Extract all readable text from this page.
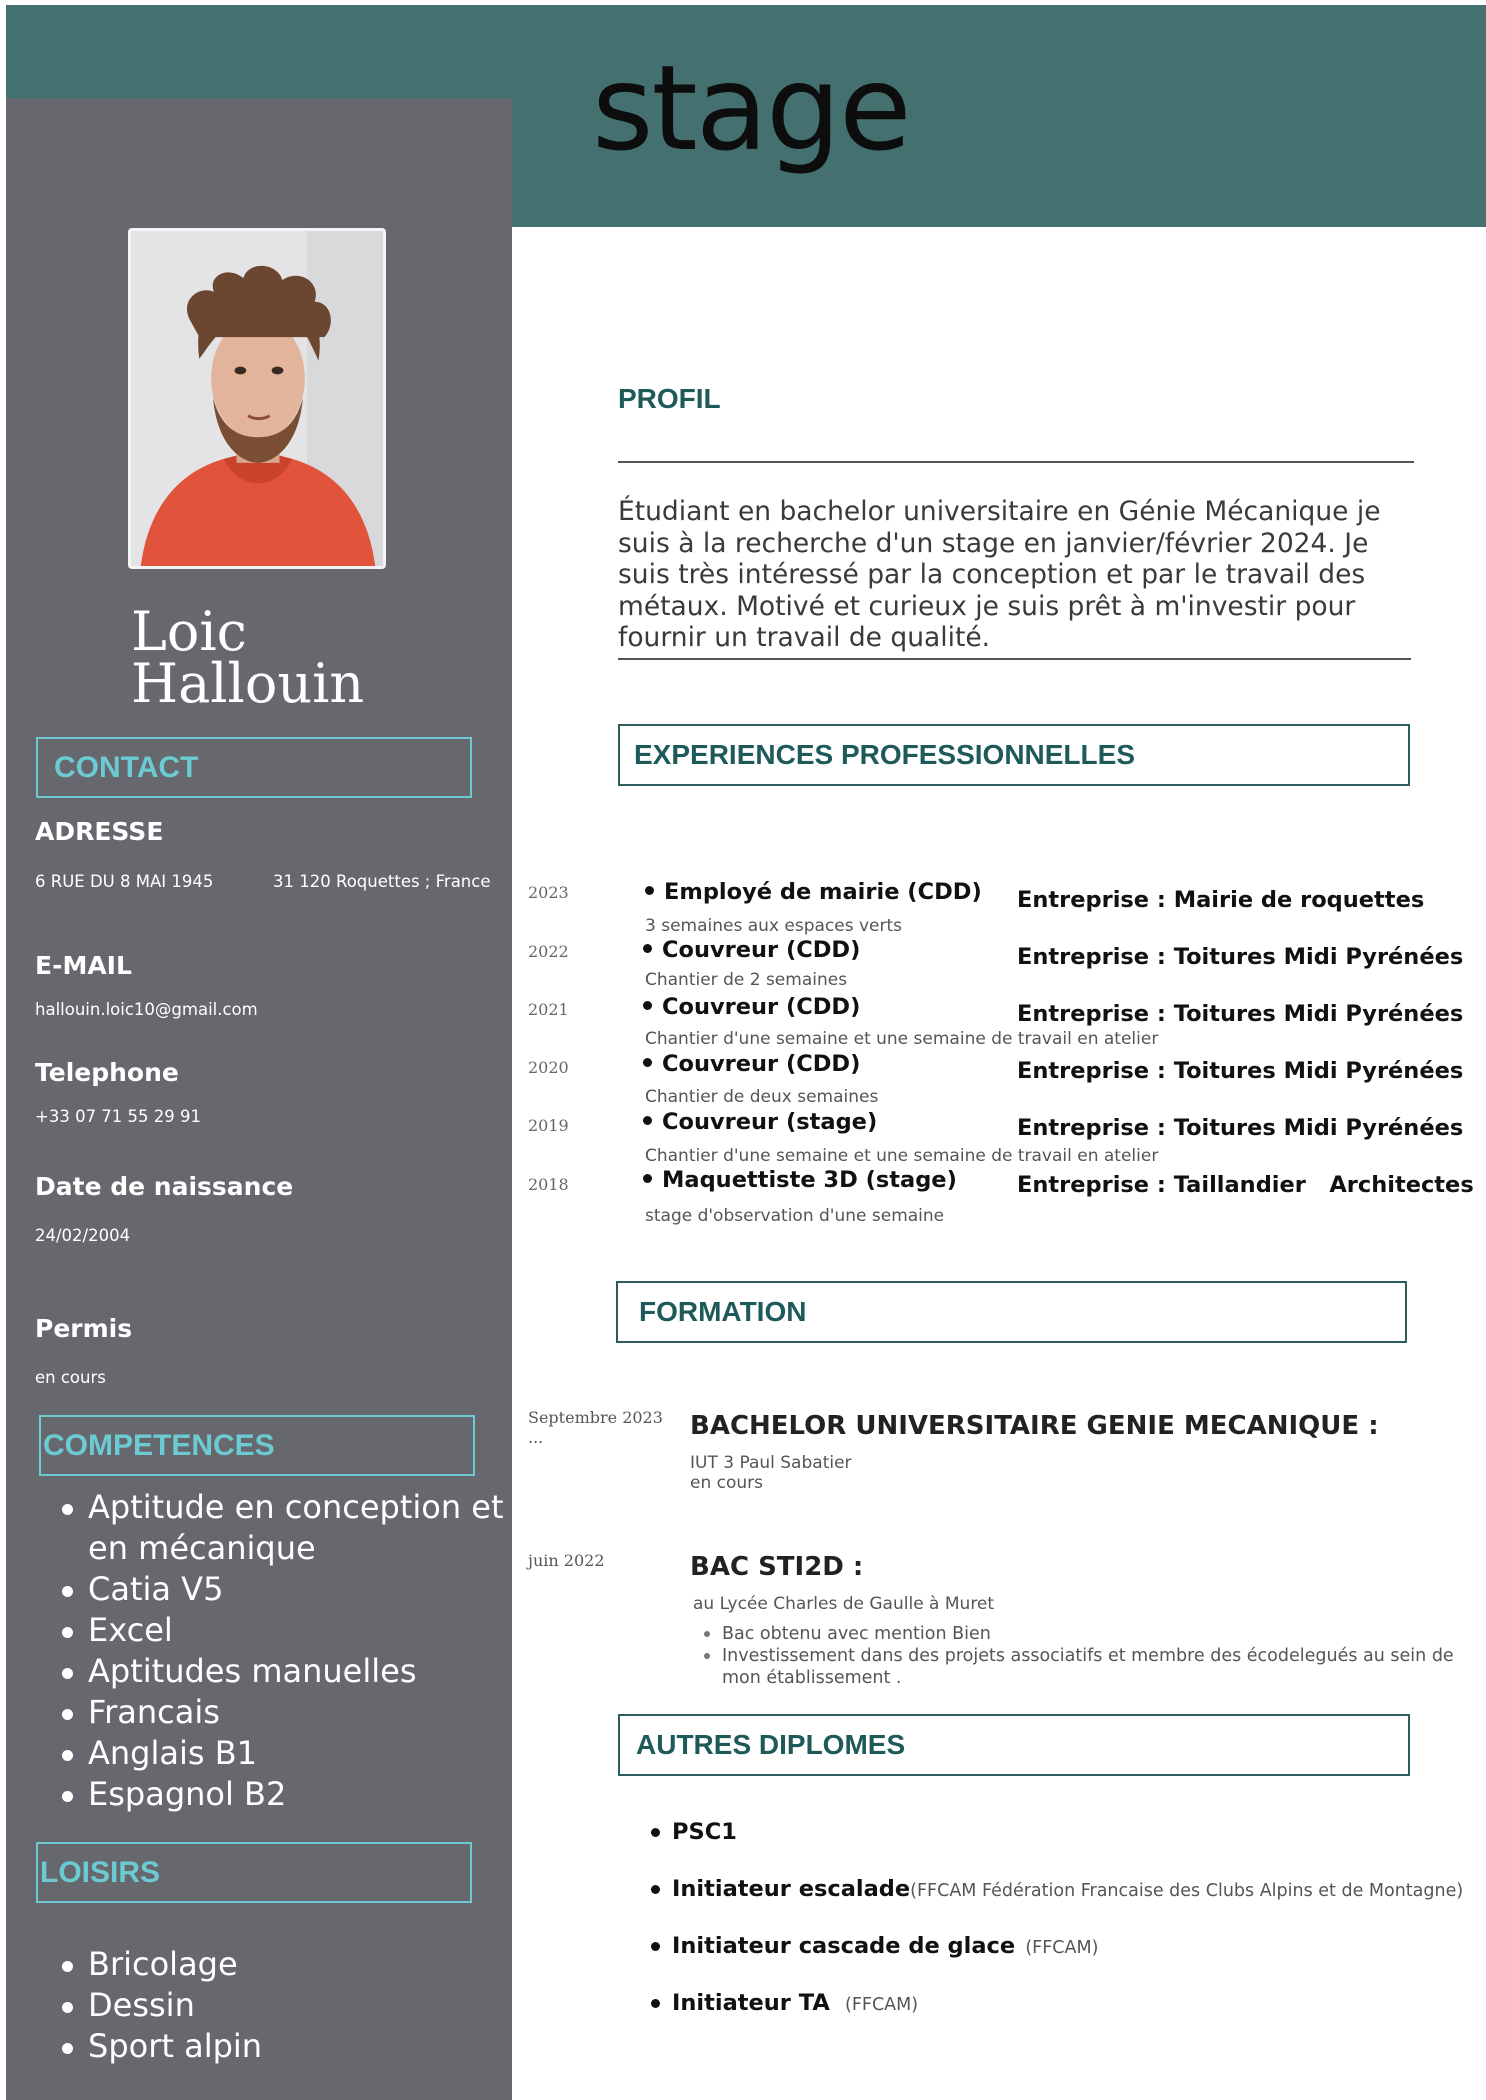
stage
Loic
Hallouin
CONTACT
ADRESSE
6 RUE DU 8 MAI 1945	31 120 Roquettes ; France
E-MAIL
hallouin.loic10@gmail.com
Telephone
+33 07 71 55 29 91
Date de naissance
24/02/2004
Permis
en cours
COMPETENCES
Aptitude en conception et
en mécanique
Catia V5
Excel
Aptitudes manuelles
Francais
Anglais B1
Espagnol B2
LOISIRS
Bricolage
Dessin
Sport alpin
PROFIL
Étudiant en bachelor universitaire en Génie Mécanique je suis à la recherche d'un stage en janvier/février 2024. Je suis très intéressé par la conception et par le travail des métaux. Motivé et curieux je suis prêt à m'investir pour fournir un travail de qualité.
EXPERIENCES PROFESSIONNELLES
2023	Employé de mairie (CDD)
3 semaines aux espaces verts
Entreprise : Mairie de roquettes
2022	Couvreur (CDD)
Chantier de 2 semaines
Entreprise : Toitures Midi Pyrénées
2021	Couvreur (CDD)
Chantier d'une semaine et une semaine de travail en atelier
Entreprise : Toitures Midi Pyrénées
2020	Couvreur (CDD)
Chantier de deux semaines
Entreprise : Toitures Midi Pyrénées
2019	Couvreur (stage)
Chantier d'une semaine et une semaine de travail en atelier
Entreprise : Toitures Midi Pyrénées
2018	Maquettiste 3D (stage)
stage d'observation d'une semaine
Entreprise : Taillandier   Architectes
FORMATION
Septembre 2023
...	BACHELOR UNIVERSITAIRE GENIE MECANIQUE :
IUT 3 Paul Sabatier
en cours
juin 2022	BAC STI2D :
au Lycée Charles de Gaulle à Muret
Bac obtenu avec mention Bien
Investissement dans des projets associatifs et membre des écodelegués au sein de mon établissement .
AUTRES DIPLOMES
PSC1
Initiateur escalade(FFCAM Fédération Francaise des Clubs Alpins et de Montagne)
Initiateur cascade de glace (FFCAM)
Initiateur TA (FFCAM)
